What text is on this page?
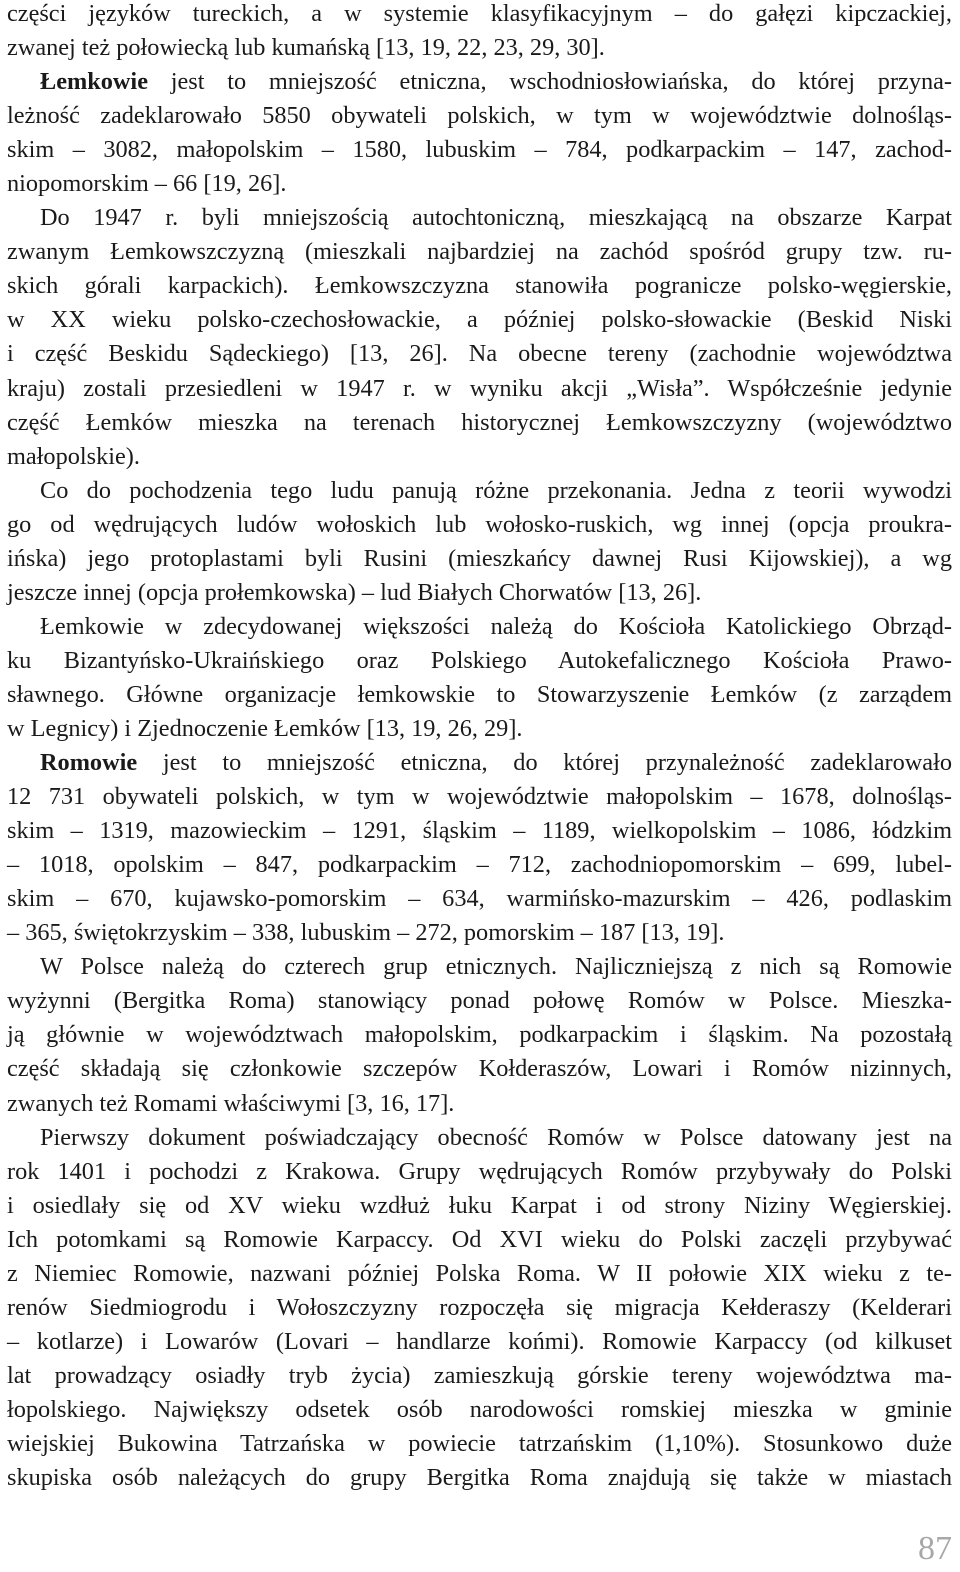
części języków tureckich, a w systemie klasyfikacyjnym – do gałęzi kipczackiej,
zwanej też połowiecką lub kumańską [13, 19, 22, 23, 29, 30].
Łemkowie jest to mniejszość etniczna, wschodniosłowiańska, do której przyna-
leżność zadeklarowało 5850 obywateli polskich, w tym w województwie dolnośląs-
skim – 3082, małopolskim – 1580, lubuskim – 784, podkarpackim – 147, zachod-
niopomorskim – 66 [19, 26].
Do 1947 r. byli mniejszością autochtoniczną, mieszkającą na obszarze Karpat
zwanym Łemkowszczyzną (mieszkali najbardziej na zachód spośród grupy tzw. ru-
skich górali karpackich). Łemkowszczyzna stanowiła pogranicze polsko-węgierskie,
w XX wieku polsko-czechosłowackie, a później polsko-słowackie (Beskid Niski
i część Beskidu Sądeckiego) [13, 26]. Na obecne tereny (zachodnie województwa
kraju) zostali przesiedleni w 1947 r. w wyniku akcji „Wisła”. Współcześnie jedynie
część Łemków mieszka na terenach historycznej Łemkowszczyzny (województwo
małopolskie).
Co do pochodzenia tego ludu panują różne przekonania. Jedna z teorii wywodzi
go od wędrujących ludów wołoskich lub wołosko-ruskich, wg innej (opcja proukra-
ińska) jego protoplastami byli Rusini (mieszkańcy dawnej Rusi Kijowskiej), a wg
jeszcze innej (opcja prołemkowska) – lud Białych Chorwatów [13, 26].
Łemkowie w zdecydowanej większości należą do Kościoła Katolickiego Obrząd-
ku Bizantyńsko-Ukraińskiego oraz Polskiego Autokefalicznego Kościoła Prawo-
sławnego. Główne organizacje łemkowskie to Stowarzyszenie Łemków (z zarządem
w Legnicy) i Zjednoczenie Łemków [13, 19, 26, 29].
Romowie jest to mniejszość etniczna, do której przynależność zadeklarowało
12 731 obywateli polskich, w tym w województwie małopolskim – 1678, dolnośląs-
skim – 1319, mazowieckim – 1291, śląskim – 1189, wielkopolskim – 1086, łódzkim
– 1018, opolskim – 847, podkarpackim – 712, zachodniopomorskim – 699, lubel-
skim – 670, kujawsko-pomorskim – 634, warmińsko-mazurskim – 426, podlaskim
– 365, świętokrzyskim – 338, lubuskim – 272, pomorskim – 187 [13, 19].
W Polsce należą do czterech grup etnicznych. Najliczniejszą z nich są Romowie
wyżynni (Bergitka Roma) stanowiący ponad połowę Romów w Polsce. Mieszka-
ją głównie w województwach małopolskim, podkarpackim i śląskim. Na pozostałą
część składają się członkowie szczepów Kołderaszów, Lowari i Romów nizinnych,
zwanych też Romami właściwymi [3, 16, 17].
Pierwszy dokument poświadczający obecność Romów w Polsce datowany jest na
rok 1401 i pochodzi z Krakowa. Grupy wędrujących Romów przybywały do Polski
i osiedlały się od XV wieku wzdłuż łuku Karpat i od strony Niziny Węgierskiej.
Ich potomkami są Romowie Karpaccy. Od XVI wieku do Polski zaczęli przybywać
z Niemiec Romowie, nazwani później Polska Roma. W II połowie XIX wieku z te-
renów Siedmiogrodu i Wołoszczyzny rozpoczęła się migracja Kełderaszy (Kelderari
– kotlarze) i Lowarów (Lovari – handlarze końmi). Romowie Karpaccy (od kilkuset
lat prowadzący osiadły tryb życia) zamieszkują górskie tereny województwa ma-
łopolskiego. Największy odsetek osób narodowości romskiej mieszka w gminie
wiejskiej Bukowina Tatrzańska w powiecie tatrzańskim (1,10%). Stosunkowo duże
skupiska osób należących do grupy Bergitka Roma znajdują się także w miastach
87
